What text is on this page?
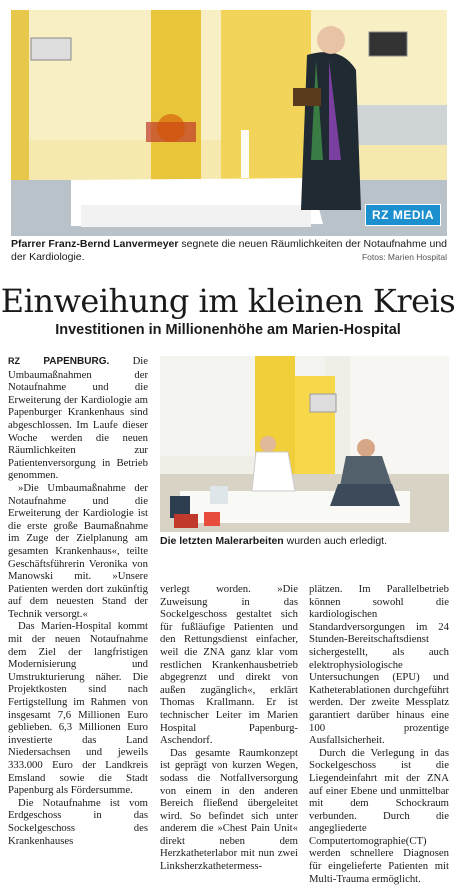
RZ MEDIA
Fotos: Marien Hospital
Pfarrer Franz-Bernd Lanvermeyer segnete die neuen Räumlichkeiten der Notaufnahme und der Kardiologie.
Einweihung im kleinen Kreis
Investitionen in Millionenhöhe am Marien-Hospital

RZ PAPENBURG. Die Umbaumaßnahmen der Notaufnahme und die Erweiterung der Kardiologie am Papenburger Krankenhaus sind abgeschlossen. Im Laufe dieser Woche werden die neuen Räumlichkeiten zur Patientenversorgung in Betrieb genommen.

»Die Umbaumaßnahme der Notaufnahme und die Erweiterung der Kardiologie ist die erste große Baumaßnahme im Zuge der Zielplanung am gesamten Krankenhaus«, teilte Geschäftsführerin Veronika von Manowski mit. »Unsere Patienten werden dort zukünftig auf dem neuesten Stand der Technik versorgt.«

Das Marien-Hospital kommt mit der neuen Notaufnahme dem Ziel der langfristigen Modernisierung und Umstrukturierung näher. Die Projektkosten sind nach Fertigstellung im Rahmen von insgesamt 7,6 Millionen Euro geblieben. 6,3 Millionen Euro investierte das Land Niedersachsen und jeweils 333.000 Euro der Landkreis Emsland sowie die Stadt Papenburg als Fördersumme.

Die Notaufnahme ist vom Erdgeschoss in das Sockelgeschoss des Krankenhauses

Die letzten Malerarbeiten wurden auch erledigt.

verlegt worden. »Die Zuweisung in das Sockelgeschoss gestaltet sich für fußläufige Patienten und den Rettungsdienst einfacher, weil die ZNA ganz klar vom restlichen Krankenhausbetrieb abgegrenzt und direkt von außen zugänglich«, erklärt Thomas Krallmann. Er ist technischer Leiter im Marien Hospital Papenburg-Aschendorf.

Das gesamte Raumkonzept ist geprägt von kurzen Wegen, sodass die Notfallversorgung von einem in den anderen Bereich fließend übergeleitet wird. So befindet sich unter anderem die »Chest Pain Unit« direkt neben dem Herzkatheterlabor mit nun zwei Linksherzkathetermess-

plätzen. Im Parallelbetrieb können sowohl die kardiologischen Standardversorgungen im 24 Stunden-Bereitschaftsdienst sichergestellt, als auch elektrophysiologische Untersuchungen (EPU) und Katheterablationen durchgeführt werden. Der zweite Messplatz garantiert darüber hinaus eine 100 prozentige Ausfallsicherheit.

Durch die Verlegung in das Sockelgeschoss ist die Liegendeinfahrt mit der ZNA auf einer Ebene und unmittelbar mit dem Schockraum verbunden. Durch die angegliederte Computertomographie(CT) werden schnellere Diagnosen für eingelieferte Patienten mit Multi-Trauma ermöglicht.
